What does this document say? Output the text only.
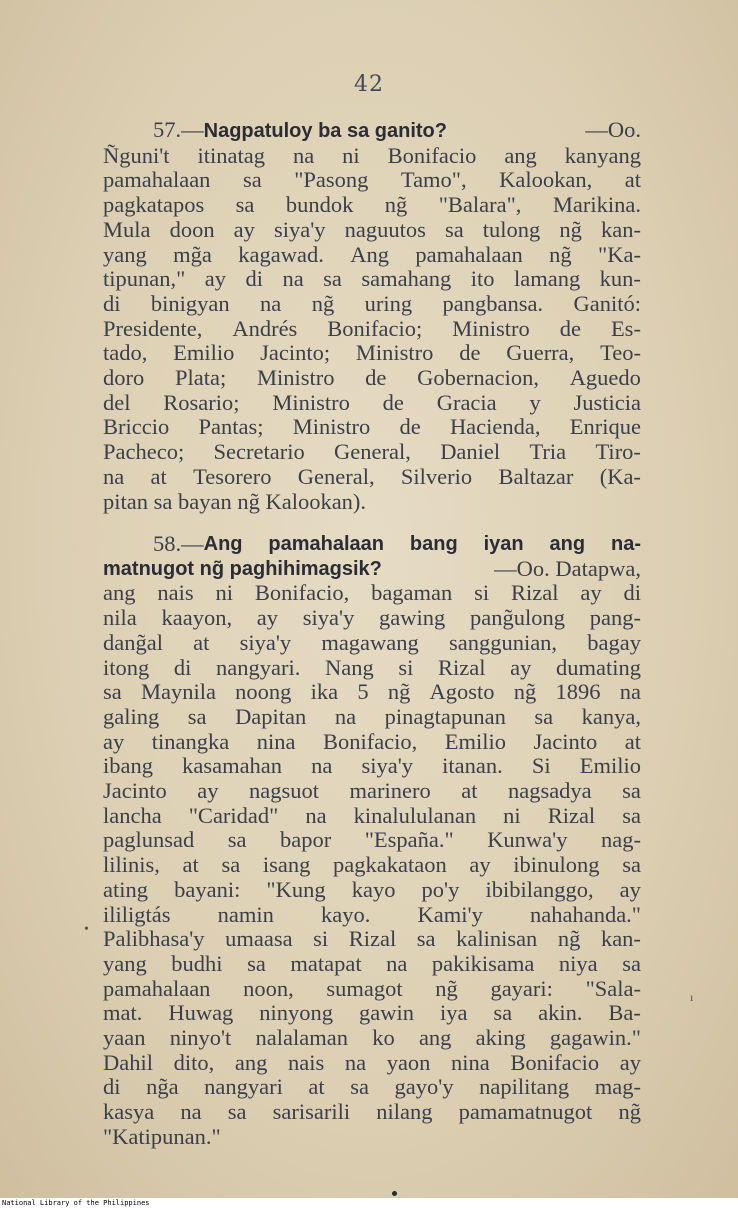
42
57.—Nagpatuloy ba sa ganito?	—Oo.
Ñguni't itinatag na ni Bonifacio ang kanyang
pamahalaan sa "Pasong Tamo", Kalookan, at
pagkatapos sa bundok ng̃ "Balara", Marikina.
Mula doon ay siya'y naguutos sa tulong ng̃ kan-
yang mg̃a kagawad. Ang pamahalaan ng̃ "Ka-
tipunan," ay di na sa samahang ito lamang kun-
di binigyan na ng̃ uring pangbansa. Ganitó:
Presidente, Andrés Bonifacio; Ministro de Es-
tado, Emilio Jacinto; Ministro de Guerra, Teo-
doro Plata; Ministro de Gobernacion, Aguedo
del Rosario; Ministro de Gracia y Justicia
Briccio Pantas; Ministro de Hacienda, Enrique
Pacheco; Secretario General, Daniel Tria Tiro-
na at Tesorero General, Silverio Baltazar (Ka-
pitan sa bayan ng̃ Kalookan).
58.— Ang pamahalaan bang iyan ang na-
matnugot ng̃ paghihimagsik?	—Oo. Datapwa,
ang nais ni Bonifacio, bagaman si Rizal ay di
nila kaayon, ay siya'y gawing pang̃ulong pang-
dang̃al at siya'y magawang sanggunian, bagay
itong di nangyari. Nang si Rizal ay dumating
sa Maynila noong ika 5 ng̃ Agosto ng̃ 1896 na
galing sa Dapitan na pinagtapunan sa kanya,
ay tinangka nina Bonifacio, Emilio Jacinto at
ibang kasamahan na siya'y itanan. Si Emilio
Jacinto ay nagsuot marinero at nagsadya sa
lancha "Caridad" na kinalululanan ni Rizal sa
paglunsad sa bapor "España." Kunwa'y nag-
lilinis, at sa isang pagkakataon ay ibinulong sa
ating bayani: "Kung kayo po'y ibibilanggo, ay
ililigtás namin kayo. Kami'y nahahanda."
Palibhasa'y umaasa si Rizal sa kalinisan ng̃ kan-
yang budhi sa matapat na pakikisama niya sa
pamahalaan noon, sumagot ng̃ gayari: "Sala-
mat. Huwag ninyong gawin iya sa akin. Ba-
yaan ninyo't nalalaman ko ang aking gagawin."
Dahil dito, ang nais na yaon nina Bonifacio ay
di ng̃a nangyari at sa gayo'y napilitang mag-
kasya na sa sarisarili nilang pamamatnugot ng̃
"Katipunan."
•
ı
National Library of the Philippines
